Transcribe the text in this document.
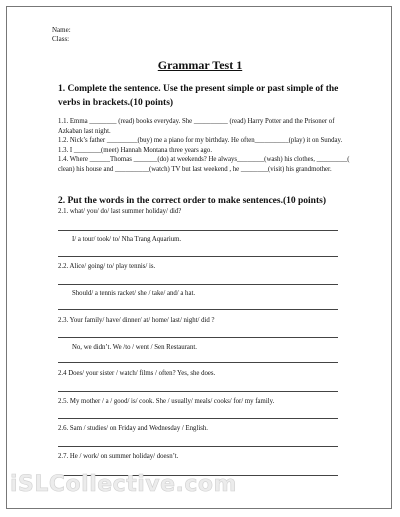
Name:
Class:
Grammar Test 1
1. Complete the sentence. Use the present simple or past simple of the verbs in brackets.(10 points)
1.1. Emma ________ (read) books everyday. She __________ (read) Harry Potter and the Prisoner of Azkaban last night.
1.2. Nick’s father _________(buy) me a piano for my birthday. He often__________(play) it on Sunday.
1.3. I ________(meet) Hannah Montana three years ago.
1.4. Where ______Thomas _______(do) at weekends? He always________(wash) his clothes, _________( clean) his house and __________(watch) TV but last weekend , he ________(visit) his grandmother.
2. Put the words in the correct order to make sentences.(10 points)
2.1. what/ you/ do/ last summer holiday/ did?
I/ a tour/ took/ to/ Nha Trang Aquarium.
2.2. Alice/ going/ to/ play tennis/ is.
Should/ a tennis racket/ she / take/ and/ a hat.
2.3. Your family/ have/ dinner/ at/ home/ last/ night/ did ?
No, we didn’t. We /to / went / Sen Restaurant.
2.4 Does/ your sister / watch/ films / often? Yes, she does.
2.5. My mother / a / good/ is/ cook. She / usually/ meals/ cooks/ for/ my family.
2.6. Sam / studies/ on Friday and Wednesday / English.
2.7. He / work/ on summer holiday/ doesn’t.
iSLCollective.com
